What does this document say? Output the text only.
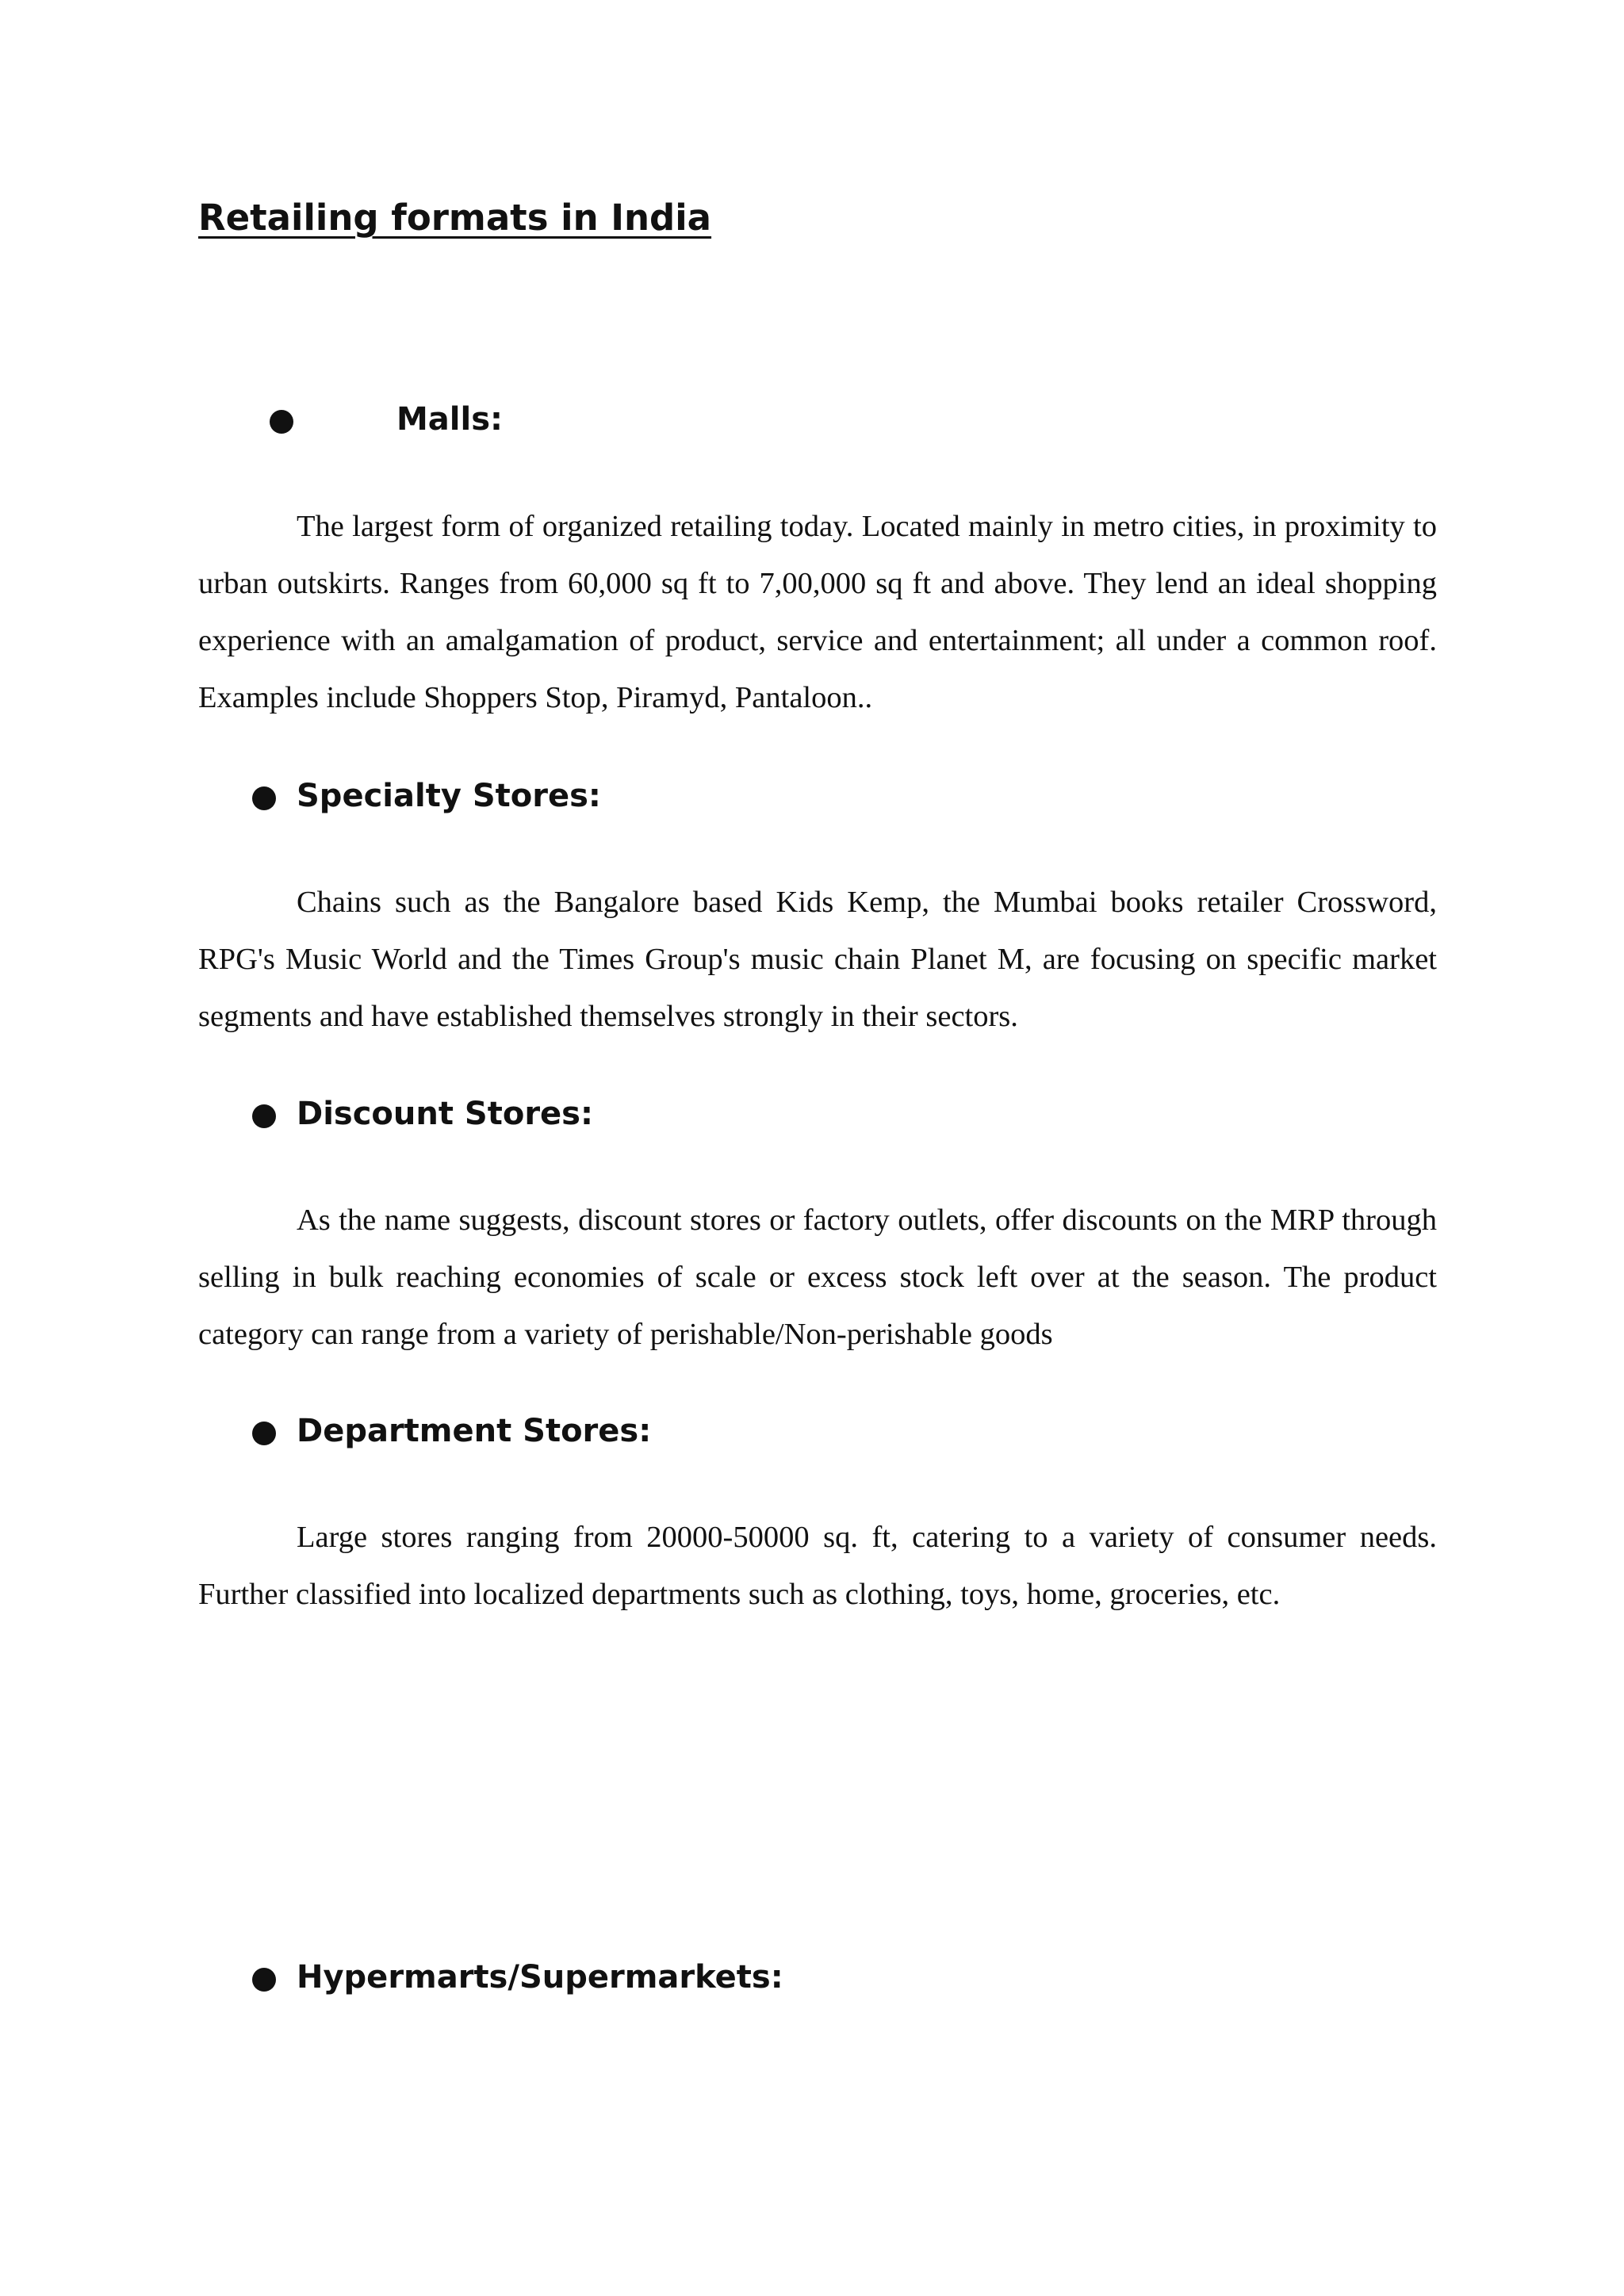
Retailing formats in India
Malls:

The largest form of organized retailing today. Located mainly in metro cities, in proximity to urban outskirts. Ranges from 60,000 sq ft to 7,00,000 sq ft and above. They lend an ideal shopping experience with an amalgamation of product, service and entertainment; all under a common roof. Examples include Shoppers Stop, Piramyd, Pantaloon..

Specialty Stores:

Chains such as the Bangalore based Kids Kemp, the Mumbai books retailer Crossword, RPG's Music World and the Times Group's music chain Planet M, are focusing on specific market segments and have established themselves strongly in their sectors.

Discount Stores:

As the name suggests, discount stores or factory outlets, offer discounts on the MRP through selling in bulk reaching economies of scale or excess stock left over at the season. The product category can range from a variety of perishable/Non-perishable goods

Department Stores:

Large stores ranging from 20000-50000 sq. ft, catering to a variety of consumer needs. Further classified into localized departments such as clothing, toys, home, groceries, etc.

Hypermarts/Supermarkets:
